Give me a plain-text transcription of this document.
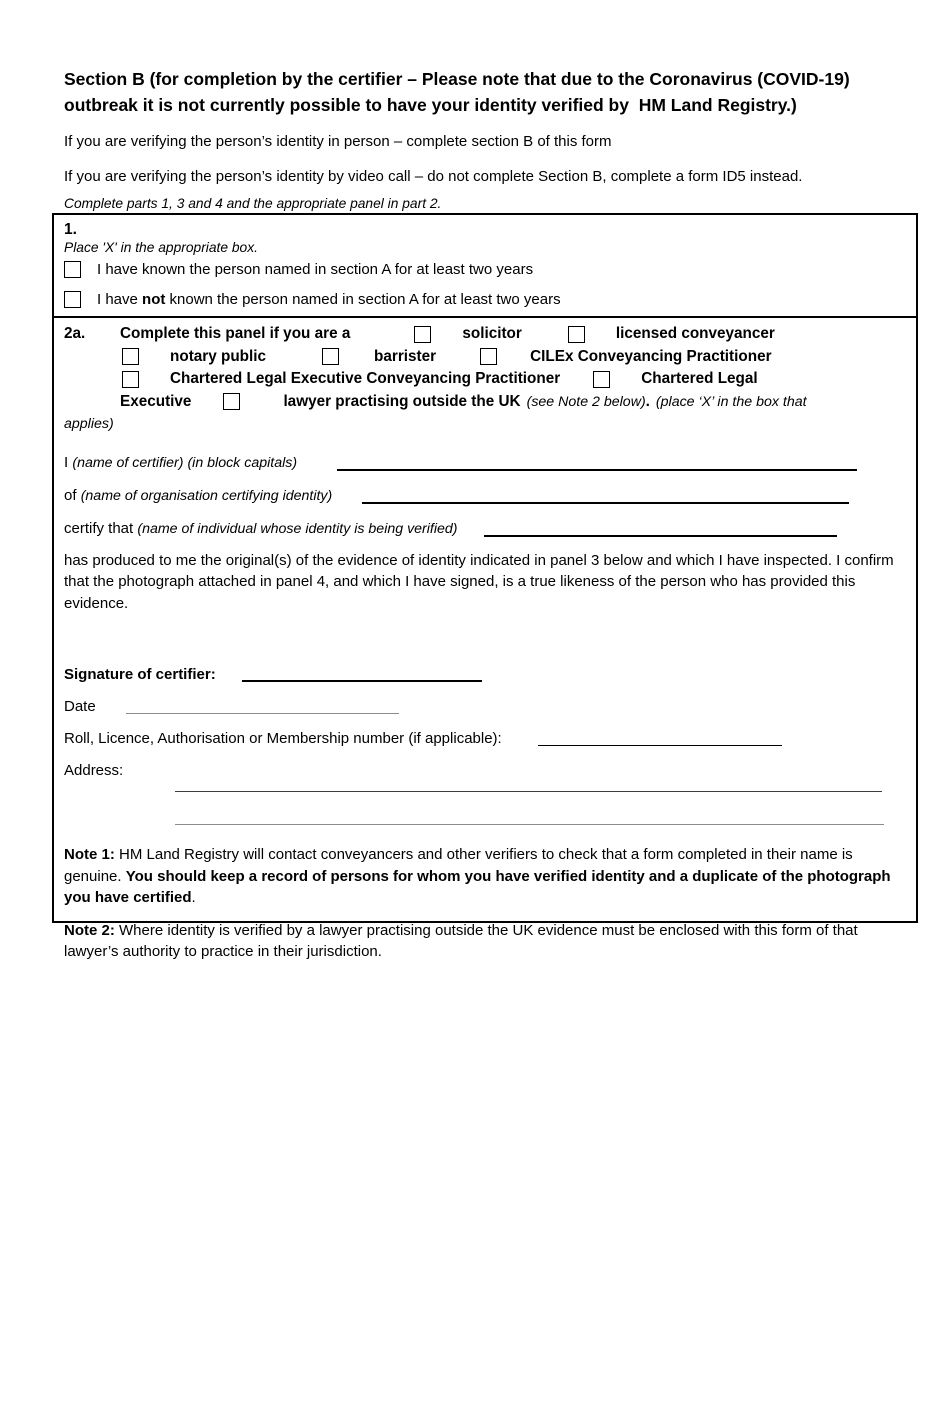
Section B (for completion by the certifier – Please note that due to the Coronavirus (COVID-19) outbreak it is not currently possible to have your identity verified by  HM Land Registry.)

If you are verifying the person’s identity in person – complete section B of this form

If you are verifying the person’s identity by video call – do not complete Section B, complete a form ID5 instead.

Complete parts 1, 3 and 4 and the appropriate panel in part 2.

1.
Place 'X' in the appropriate box.
I have known the person named in section A for at least two years
I have not known the person named in section A for at least two years
2a.	Complete this panel if you are a	solicitor	licensed conveyancer
notary public	barrister	CILEx Conveyancing Practitioner
Chartered Legal Executive Conveyancing Practitioner	Chartered Legal
Executive	lawyer practising outside the UK (see Note 2 below) . (place ‘X’ in the box that
applies)
I (name of certifier) (in block capitals)
of (name of organisation certifying identity)
certify that (name of individual whose identity is being verified)

has produced to me the original(s) of the evidence of identity indicated in panel 3 below and which I have inspected. I confirm that the photograph attached in panel 4, and which I have signed, is a true likeness of the person who has provided this evidence.

Signature of certifier:
Date
Roll, Licence, Authorisation or Membership number (if applicable):
Address:

Note 1: HM Land Registry will contact conveyancers and other verifiers to check that a form completed in their name is genuine. You should keep a record of persons for whom you have verified identity and a duplicate of the photograph you have certified.

Note 2: Where identity is verified by a lawyer practising outside the UK evidence must be enclosed with this form of that lawyer’s authority to practice in their jurisdiction.
